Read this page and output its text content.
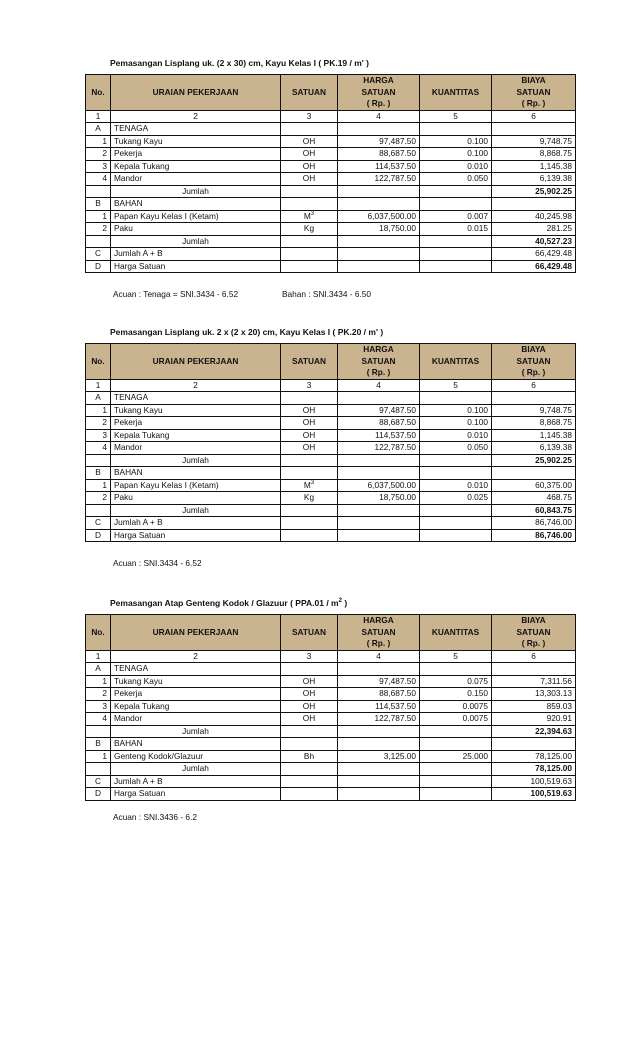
Pemasangan Lisplang uk. (2 x 30) cm, Kayu Kelas I ( PK.19 / m' )
			HARGA		BIAYA
No.	URAIAN PEKERJAAN	SATUAN	SATUAN	KUANTITAS	SATUAN
			( Rp. )		( Rp. )
1	2	3	4	5	6
A	TENAGA				
1	Tukang Kayu	OH	97,487.50	0.100	9,748.75
2	Pekerja	OH	88,687.50	0.100	8,868.75
3	Kepala Tukang	OH	114,537.50	0.010	1,145.38
4	Mandor	OH	122,787.50	0.050	6,139.38
	Jumlah				25,902.25
B	BAHAN				
1	Papan Kayu Kelas I (Ketam)	$M^3$	6,037,500.00	0.007	40,245.98
2	Paku	Kg	18,750.00	0.015	281.25
	Jumlah				40,527.23
C	Jumlah A + B				66,429.48
D	Harga Satuan				66,429.48
Acuan : Tenaga = SNI.3434 - 6.52	Bahan : SNI.3434 - 6.50
Pemasangan Lisplang uk. 2 x (2 x 20) cm, Kayu Kelas I ( PK.20 / m' )
			HARGA		BIAYA
No.	URAIAN PEKERJAAN	SATUAN	SATUAN	KUANTITAS	SATUAN
			( Rp. )		( Rp. )
1	2	3	4	5	6
A	TENAGA				
1	Tukang Kayu	OH	97,487.50	0.100	9,748.75
2	Pekerja	OH	88,687.50	0.100	8,868.75
3	Kepala Tukang	OH	114,537.50	0.010	1,145.38
4	Mandor	OH	122,787.50	0.050	6,139.38
	Jumlah				25,902.25
B	BAHAN				
1	Papan Kayu Kelas I (Ketam)	$M^3$	6,037,500.00	0.010	60,375.00
2	Paku	Kg	18,750.00	0.025	468.75
	Jumlah				60,843.75
C	Jumlah A + B				86,746.00
D	Harga Satuan				86,746.00
Acuan : SNI.3434 - 6.52
Pemasangan Atap Genteng Kodok / Glazuur ( $PPA.01 / m^2$ )
			HARGA		BIAYA
No.	URAIAN PEKERJAAN	SATUAN	SATUAN	KUANTITAS	SATUAN
			( Rp. )		( Rp. )
1	2	3	4	5	6
A	TENAGA				
1	Tukang Kayu	OH	97,487.50	0.075	7,311.56
2	Pekerja	OH	88,687.50	0.150	13,303.13
3	Kepala Tukang	OH	114,537.50	0.0075	859.03
4	Mandor	OH	122,787.50	0.0075	920.91
	Jumlah				22,394.63
B	BAHAN				
1	Genteng Kodok/Glazuur	Bh	3,125.00	25.000	78,125.00
	Jumlah				78,125.00
C	Jumlah A + B				100,519.63
D	Harga Satuan				100,519.63
Acuan : SNI.3436 - 6.2
